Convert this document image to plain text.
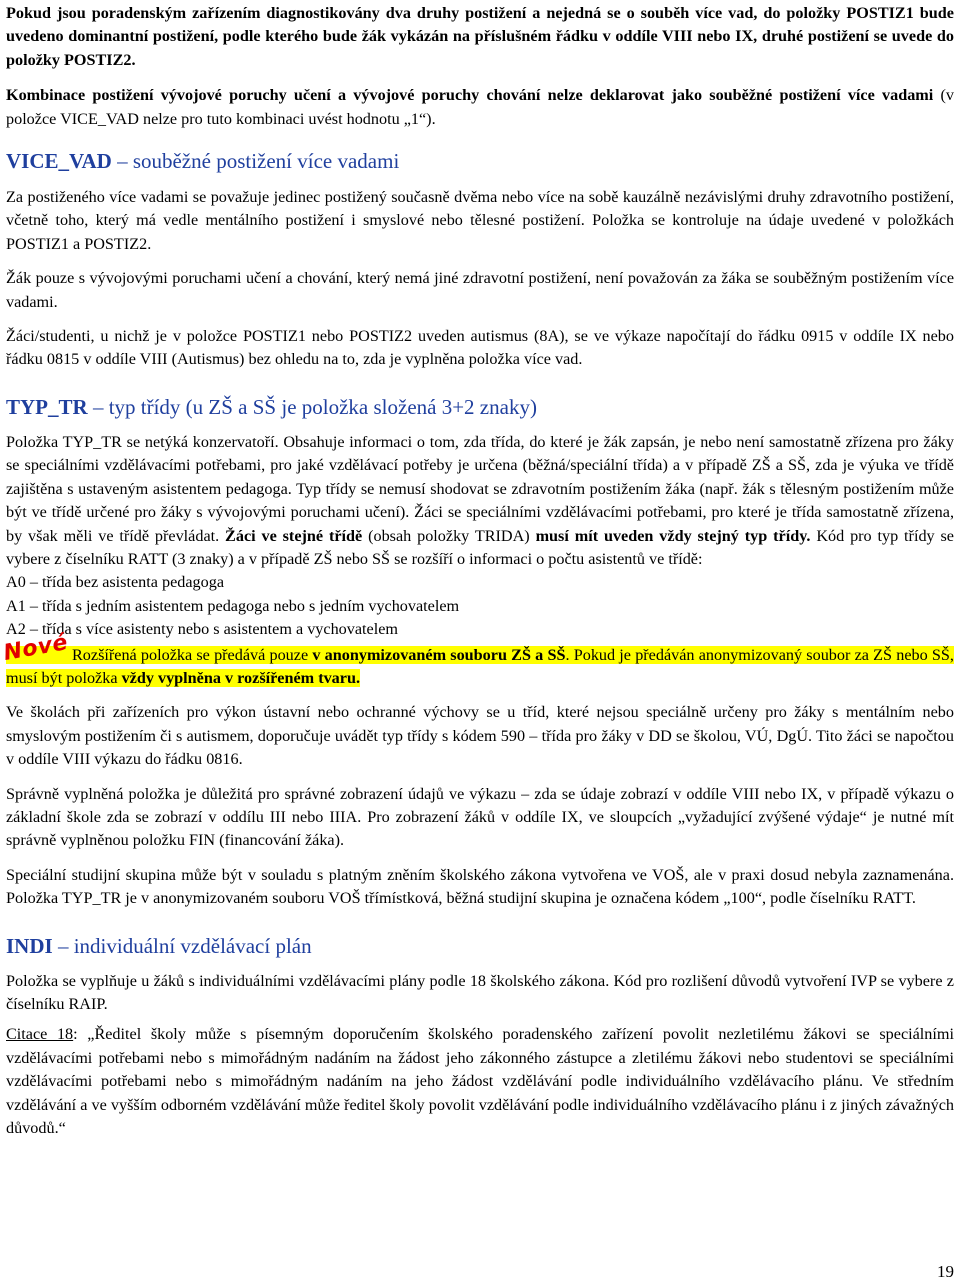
Pokud jsou poradenským zařízením diagnostikovány dva druhy postižení a nejedná se o souběh více vad, do položky POSTIZ1 bude uvedeno dominantní postižení, podle kterého bude žák vykázán na příslušném řádku v oddíle VIII nebo IX, druhé postižení se uvede do položky POSTIZ2.

Kombinace postižení vývojové poruchy učení a vývojové poruchy chování nelze deklarovat jako souběžné postižení více vadami (v položce VICE_VAD nelze pro tuto kombinaci uvést hodnotu „1“).

VICE_VAD – souběžné postižení více vadami

Za postiženého více vadami se považuje jedinec postižený současně dvěma nebo více na sobě kauzálně nezávislými druhy zdravotního postižení, včetně toho, který má vedle mentálního postižení i smyslové nebo tělesné postižení. Položka se kontroluje na údaje uvedené v položkách POSTIZ1 a POSTIZ2.

Žák pouze s vývojovými poruchami učení a chování, který nemá jiné zdravotní postižení, není považován za žáka se souběžným postižením více vadami.

Žáci/studenti, u nichž je v položce POSTIZ1 nebo POSTIZ2 uveden autismus (8A), se ve výkaze napočítají do řádku 0915 v oddíle IX nebo řádku 0815 v oddíle VIII (Autismus) bez ohledu na to, zda je vyplněna položka více vad.

TYP_TR – typ třídy (u ZŠ a SŠ je položka složená 3+2 znaky)

Položka TYP_TR se netýká konzervatoří. Obsahuje informaci o tom, zda třída, do které je žák zapsán, je nebo není samostatně zřízena pro žáky se speciálními vzdělávacími potřebami, pro jaké vzdělávací potřeby je určena (běžná/speciální třída) a v případě ZŠ a SŠ, zda je výuka ve třídě zajištěna s ustaveným asistentem pedagoga. Typ třídy se nemusí shodovat se zdravotním postižením žáka (např. žák s tělesným postižením může být ve třídě určené pro žáky s vývojovými poruchami učení). Žáci se speciálními vzdělávacími potřebami, pro které je třída samostatně zřízena, by však měli ve třídě převládat. Žáci ve stejné třídě (obsah položky TRIDA) musí mít uveden vždy stejný typ třídy. Kód pro typ třídy se vybere z číselníku RATT (3 znaky) a v případě ZŠ nebo SŠ se rozšíří o informaci o počtu asistentů ve třídě:

A0 – třída bez asistenta pedagoga
A1 – třída s jedním asistentem pedagoga nebo s jedním vychovatelem
A2 – třída s více asistenty nebo s asistentem a vychovatelem

Nové Rozšířená položka se předává pouze v anonymizovaném souboru ZŠ a SŠ. Pokud je předáván anonymizovaný soubor za ZŠ nebo SŠ, musí být položka vždy vyplněna v rozšířeném tvaru.

Ve školách při zařízeních pro výkon ústavní nebo ochranné výchovy se u tříd, které nejsou speciálně určeny pro žáky s mentálním nebo smyslovým postižením či s autismem, doporučuje uvádět typ třídy s kódem 590 – třída pro žáky v DD se školou, VÚ, DgÚ. Tito žáci se napočtou v oddíle VIII výkazu do řádku 0816.

Správně vyplněná položka je důležitá pro správné zobrazení údajů ve výkazu – zda se údaje zobrazí v oddíle VIII nebo IX, v případě výkazu o základní škole zda se zobrazí v oddílu III nebo IIIA. Pro zobrazení žáků v oddíle IX, ve sloupcích „vyžadující zvýšené výdaje“ je nutné mít správně vyplněnou položku FIN (financování žáka).

Speciální studijní skupina může být v souladu s platným zněním školského zákona vytvořena ve VOŠ, ale v praxi dosud nebyla zaznamenána. Položka TYP_TR je v anonymizovaném souboru VOŠ třímístková, běžná studijní skupina je označena kódem „100“, podle číselníku RATT.

INDI – individuální vzdělávací plán

Položka se vyplňuje u žáků s individuálními vzdělávacími plány podle 18 školského zákona. Kód pro rozlišení důvodů vytvoření IVP se vybere z číselníku RAIP.

Citace 18: „Ředitel školy může s písemným doporučením školského poradenského zařízení povolit nezletilému žákovi se speciálními vzdělávacími potřebami nebo s mimořádným nadáním na žádost jeho zákonného zástupce a zletilému žákovi nebo studentovi se speciálními vzdělávacími potřebami nebo s mimořádným nadáním na jeho žádost vzdělávání podle individuálního vzdělávacího plánu. Ve středním vzdělávání a ve vyšším odborném vzdělávání může ředitel školy povolit vzdělávání podle individuálního vzdělávacího plánu i z jiných závažných důvodů.“

19
